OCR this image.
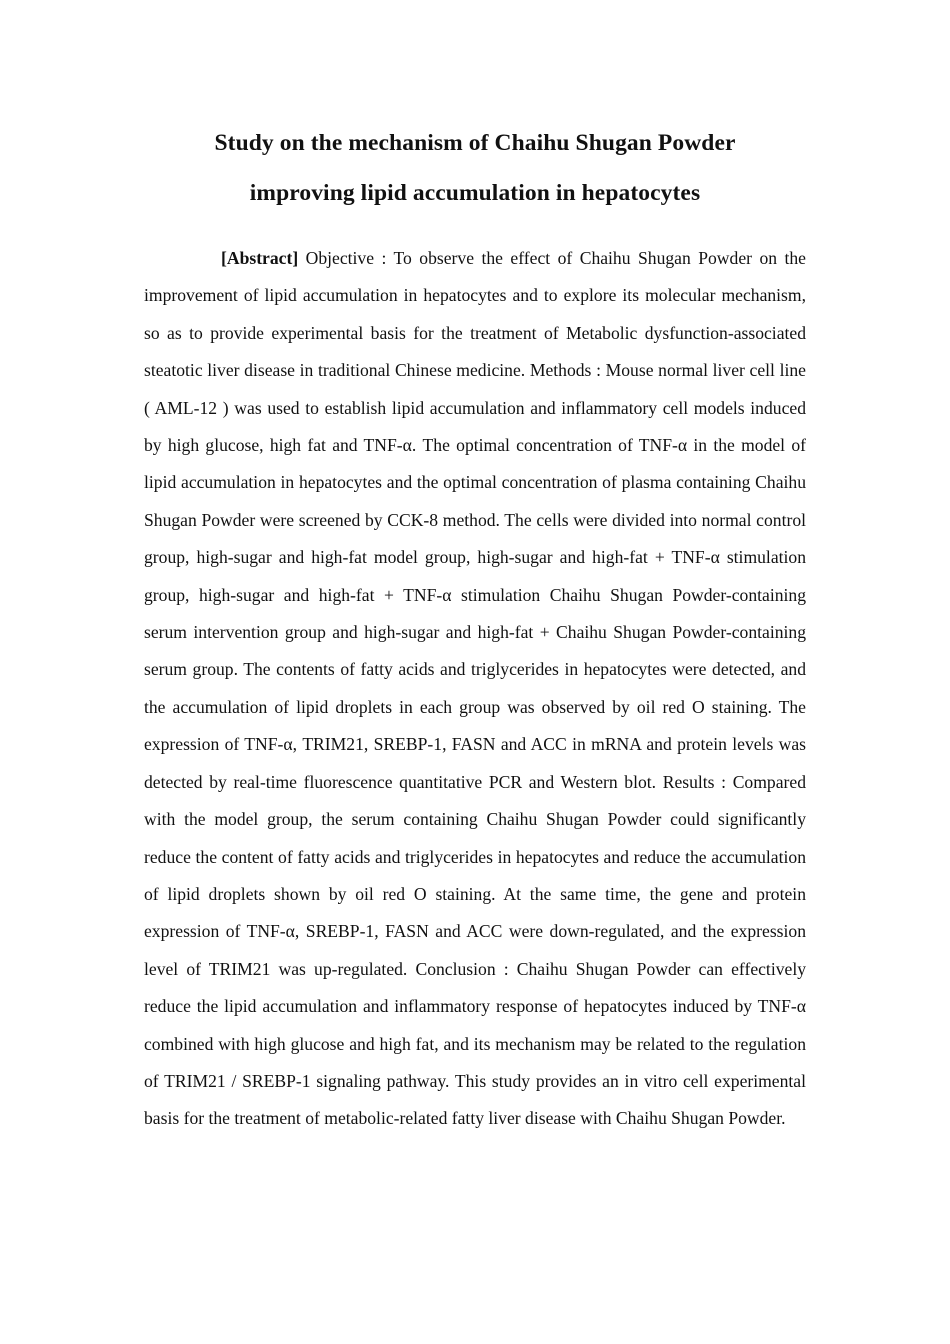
Study on the mechanism of Chaihu Shugan Powder
improving lipid accumulation in hepatocytes

[Abstract] Objective : To observe the effect of Chaihu Shugan Powder on the improvement of lipid accumulation in hepatocytes and to explore its molecular mechanism, so as to provide experimental basis for the treatment of Metabolic dysfunction-associated steatotic liver disease in traditional Chinese medicine. Methods : Mouse normal liver cell line ( AML-12 ) was used to establish lipid accumulation and inflammatory cell models induced by high glucose, high fat and TNF-α. The optimal concentration of TNF-α in the model of lipid accumulation in hepatocytes and the optimal concentration of plasma containing Chaihu Shugan Powder were screened by CCK-8 method. The cells were divided into normal control group, high-sugar and high-fat model group, high-sugar and high-fat + TNF-α stimulation group, high-sugar and high-fat + TNF-α stimulation Chaihu Shugan Powder-containing serum intervention group and high-sugar and high-fat + Chaihu Shugan Powder-containing serum group. The contents of fatty acids and triglycerides in hepatocytes were detected, and the accumulation of lipid droplets in each group was observed by oil red O staining. The expression of TNF-α, TRIM21, SREBP-1, FASN and ACC in mRNA and protein levels was detected by real-time fluorescence quantitative PCR and Western blot. Results : Compared with the model group, the serum containing Chaihu Shugan Powder could significantly reduce the content of fatty acids and triglycerides in hepatocytes and reduce the accumulation of lipid droplets shown by oil red O staining. At the same time, the gene and protein expression of TNF-α, SREBP-1, FASN and ACC were down-regulated, and the expression level of TRIM21 was up-regulated. Conclusion : Chaihu Shugan Powder can effectively reduce the lipid accumulation and inflammatory response of hepatocytes induced by TNF-α combined with high glucose and high fat, and its mechanism may be related to the regulation of TRIM21 / SREBP-1 signaling pathway. This study provides an in vitro cell experimental basis for the treatment of metabolic-related fatty liver disease with Chaihu Shugan Powder.
